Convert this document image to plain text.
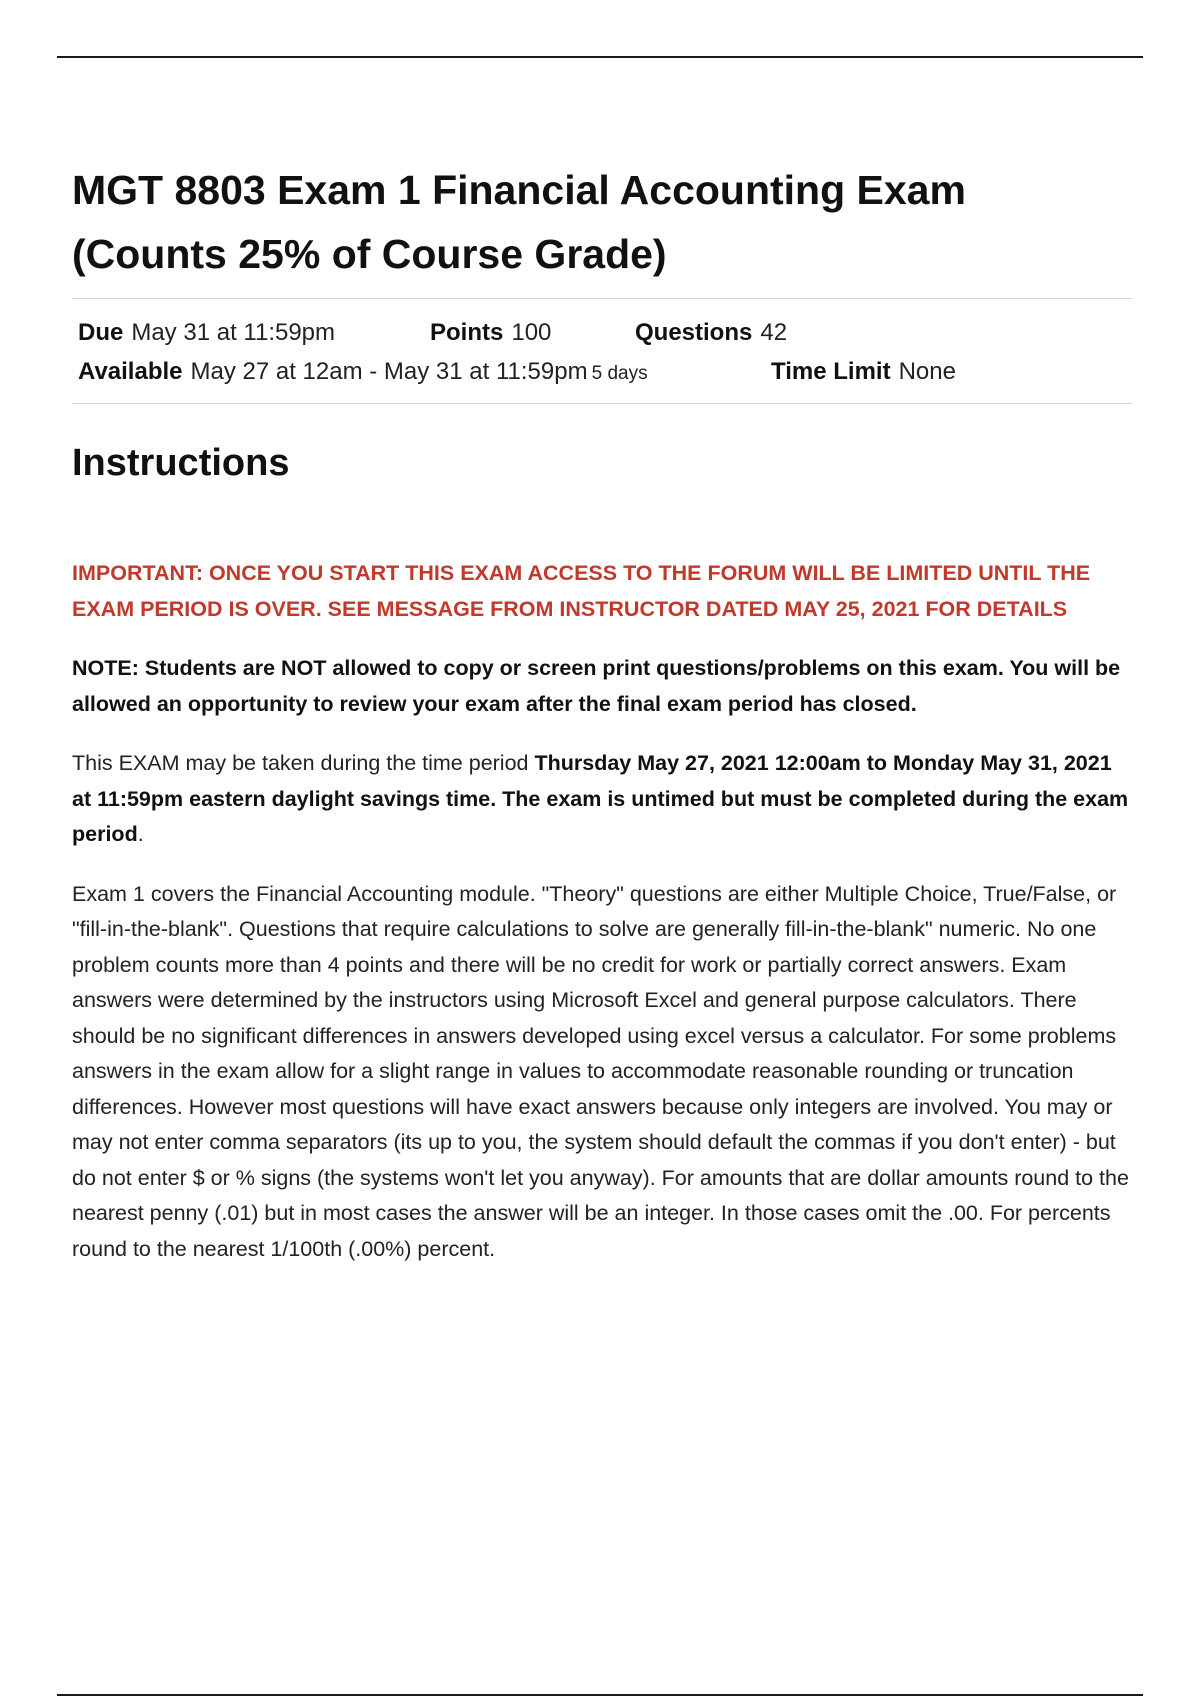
MGT 8803 Exam 1 Financial Accounting Exam
(Counts 25% of Course Grade)
Due May 31 at 11:59pm	Points 100	Questions 42
Available May 27 at 12am - May 31 at 11:59pm 5 days	Time Limit None
Instructions

IMPORTANT: ONCE YOU START THIS EXAM ACCESS TO THE FORUM WILL BE LIMITED UNTIL THE EXAM PERIOD IS OVER. SEE MESSAGE FROM INSTRUCTOR DATED MAY 25, 2021 FOR DETAILS

NOTE: Students are NOT allowed to copy or screen print questions/problems on this exam. You will be allowed an opportunity to review your exam after the final exam period has closed.

This EXAM may be taken during the time period Thursday May 27, 2021 12:00am to Monday May 31, 2021 at 11:59pm eastern daylight savings time. The exam is untimed but must be completed during the exam period.

Exam 1 covers the Financial Accounting module. "Theory" questions are either Multiple Choice, True/False, or "fill-in-the-blank". Questions that require calculations to solve are generally fill-in-the-blank" numeric. No one problem counts more than 4 points and there will be no credit for work or partially correct answers. Exam answers were determined by the instructors using Microsoft Excel and general purpose calculators. There should be no significant differences in answers developed using excel versus a calculator. For some problems answers in the exam allow for a slight range in values to accommodate reasonable rounding or truncation differences. However most questions will have exact answers because only integers are involved. You may or may not enter comma separators (its up to you, the system should default the commas if you don't enter) - but do not enter $ or % signs (the systems won't let you anyway). For amounts that are dollar amounts round to the nearest penny (.01) but in most cases the answer will be an integer. In those cases omit the .00. For percents round to the nearest 1/100th (.00%) percent.
